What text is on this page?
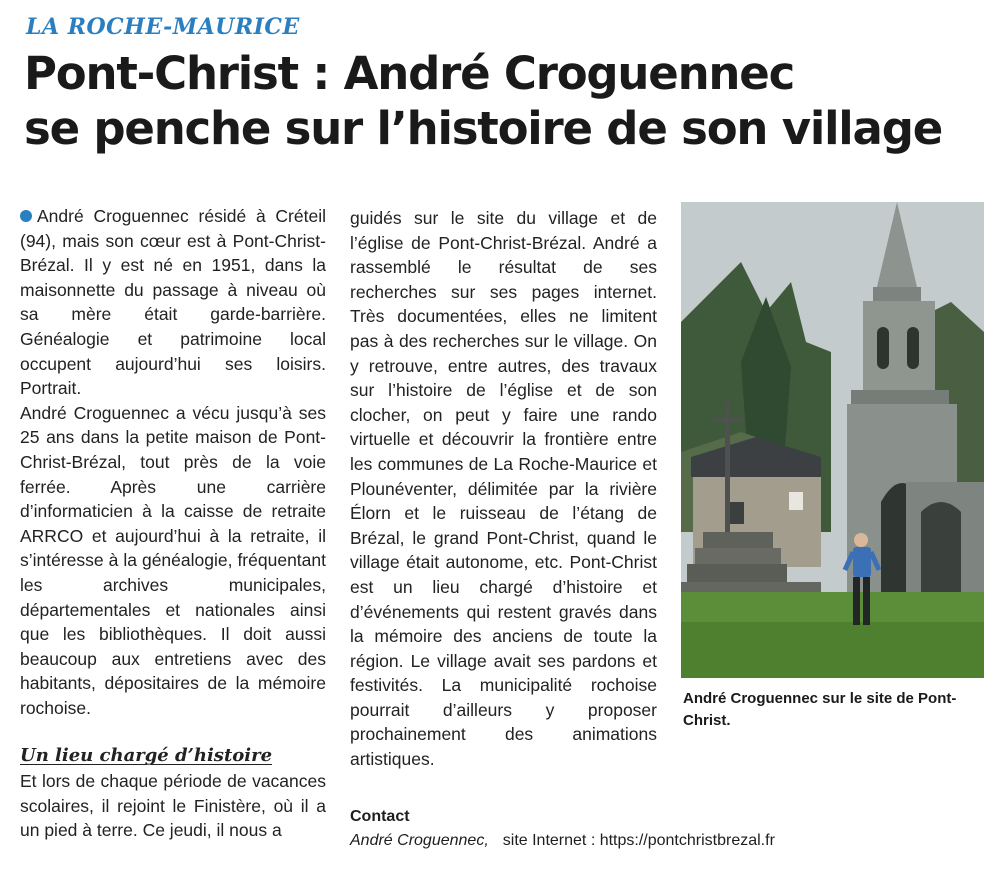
LA ROCHE-MAURICE
Pont-Christ : André Croguennec
se penche sur l’histoire de son village

André Croguennec résidé à Créteil (94), mais son cœur est à Pont-Christ-Brézal. Il y est né en 1951, dans la maisonnette du passage à niveau où sa mère était garde-barrière. Généalogie et patrimoine local occupent aujourd’hui ses loisirs. Portrait.

André Croguennec a vécu jusqu’à ses 25 ans dans la petite maison de Pont-Christ-Brézal, tout près de la voie ferrée. Après une carrière d’informaticien à la caisse de retraite ARRCO et aujourd’hui à la retraite, il s’intéresse à la généalogie, fréquentant les archives municipales, départementales et nationales ainsi que les bibliothèques. Il doit aussi beaucoup aux entretiens avec des habitants, dépositaires de la mémoire rochoise.

Un lieu chargé d’histoire

Et lors de chaque période de vacances scolaires, il rejoint le Finistère, où il a un pied à terre. Ce jeudi, il nous a

guidés sur le site du village et de l’église de Pont-Christ-Brézal. André a rassemblé le résultat de ses recherches sur ses pages internet. Très documentées, elles ne limitent pas à des recherches sur le village. On y retrouve, entre autres, des travaux sur l’histoire de l’église et de son clocher, on peut y faire une rando virtuelle et découvrir la frontière entre les communes de La Roche-Maurice et Plounéventer, délimitée par la rivière Élorn et le ruisseau de l’étang de Brézal, le grand Pont-Christ, quand le village était autonome, etc. Pont-Christ est un lieu chargé d’histoire et d’événements qui restent gravés dans la mémoire des anciens de toute la région. Le village avait ses pardons et festivités. La municipalité rochoise pourrait d’ailleurs y proposer prochainement des animations artistiques.

Contact
André Croguennec, site Internet : https://pontchristbrezal.fr
André Croguennec sur le site de Pont-Christ.
